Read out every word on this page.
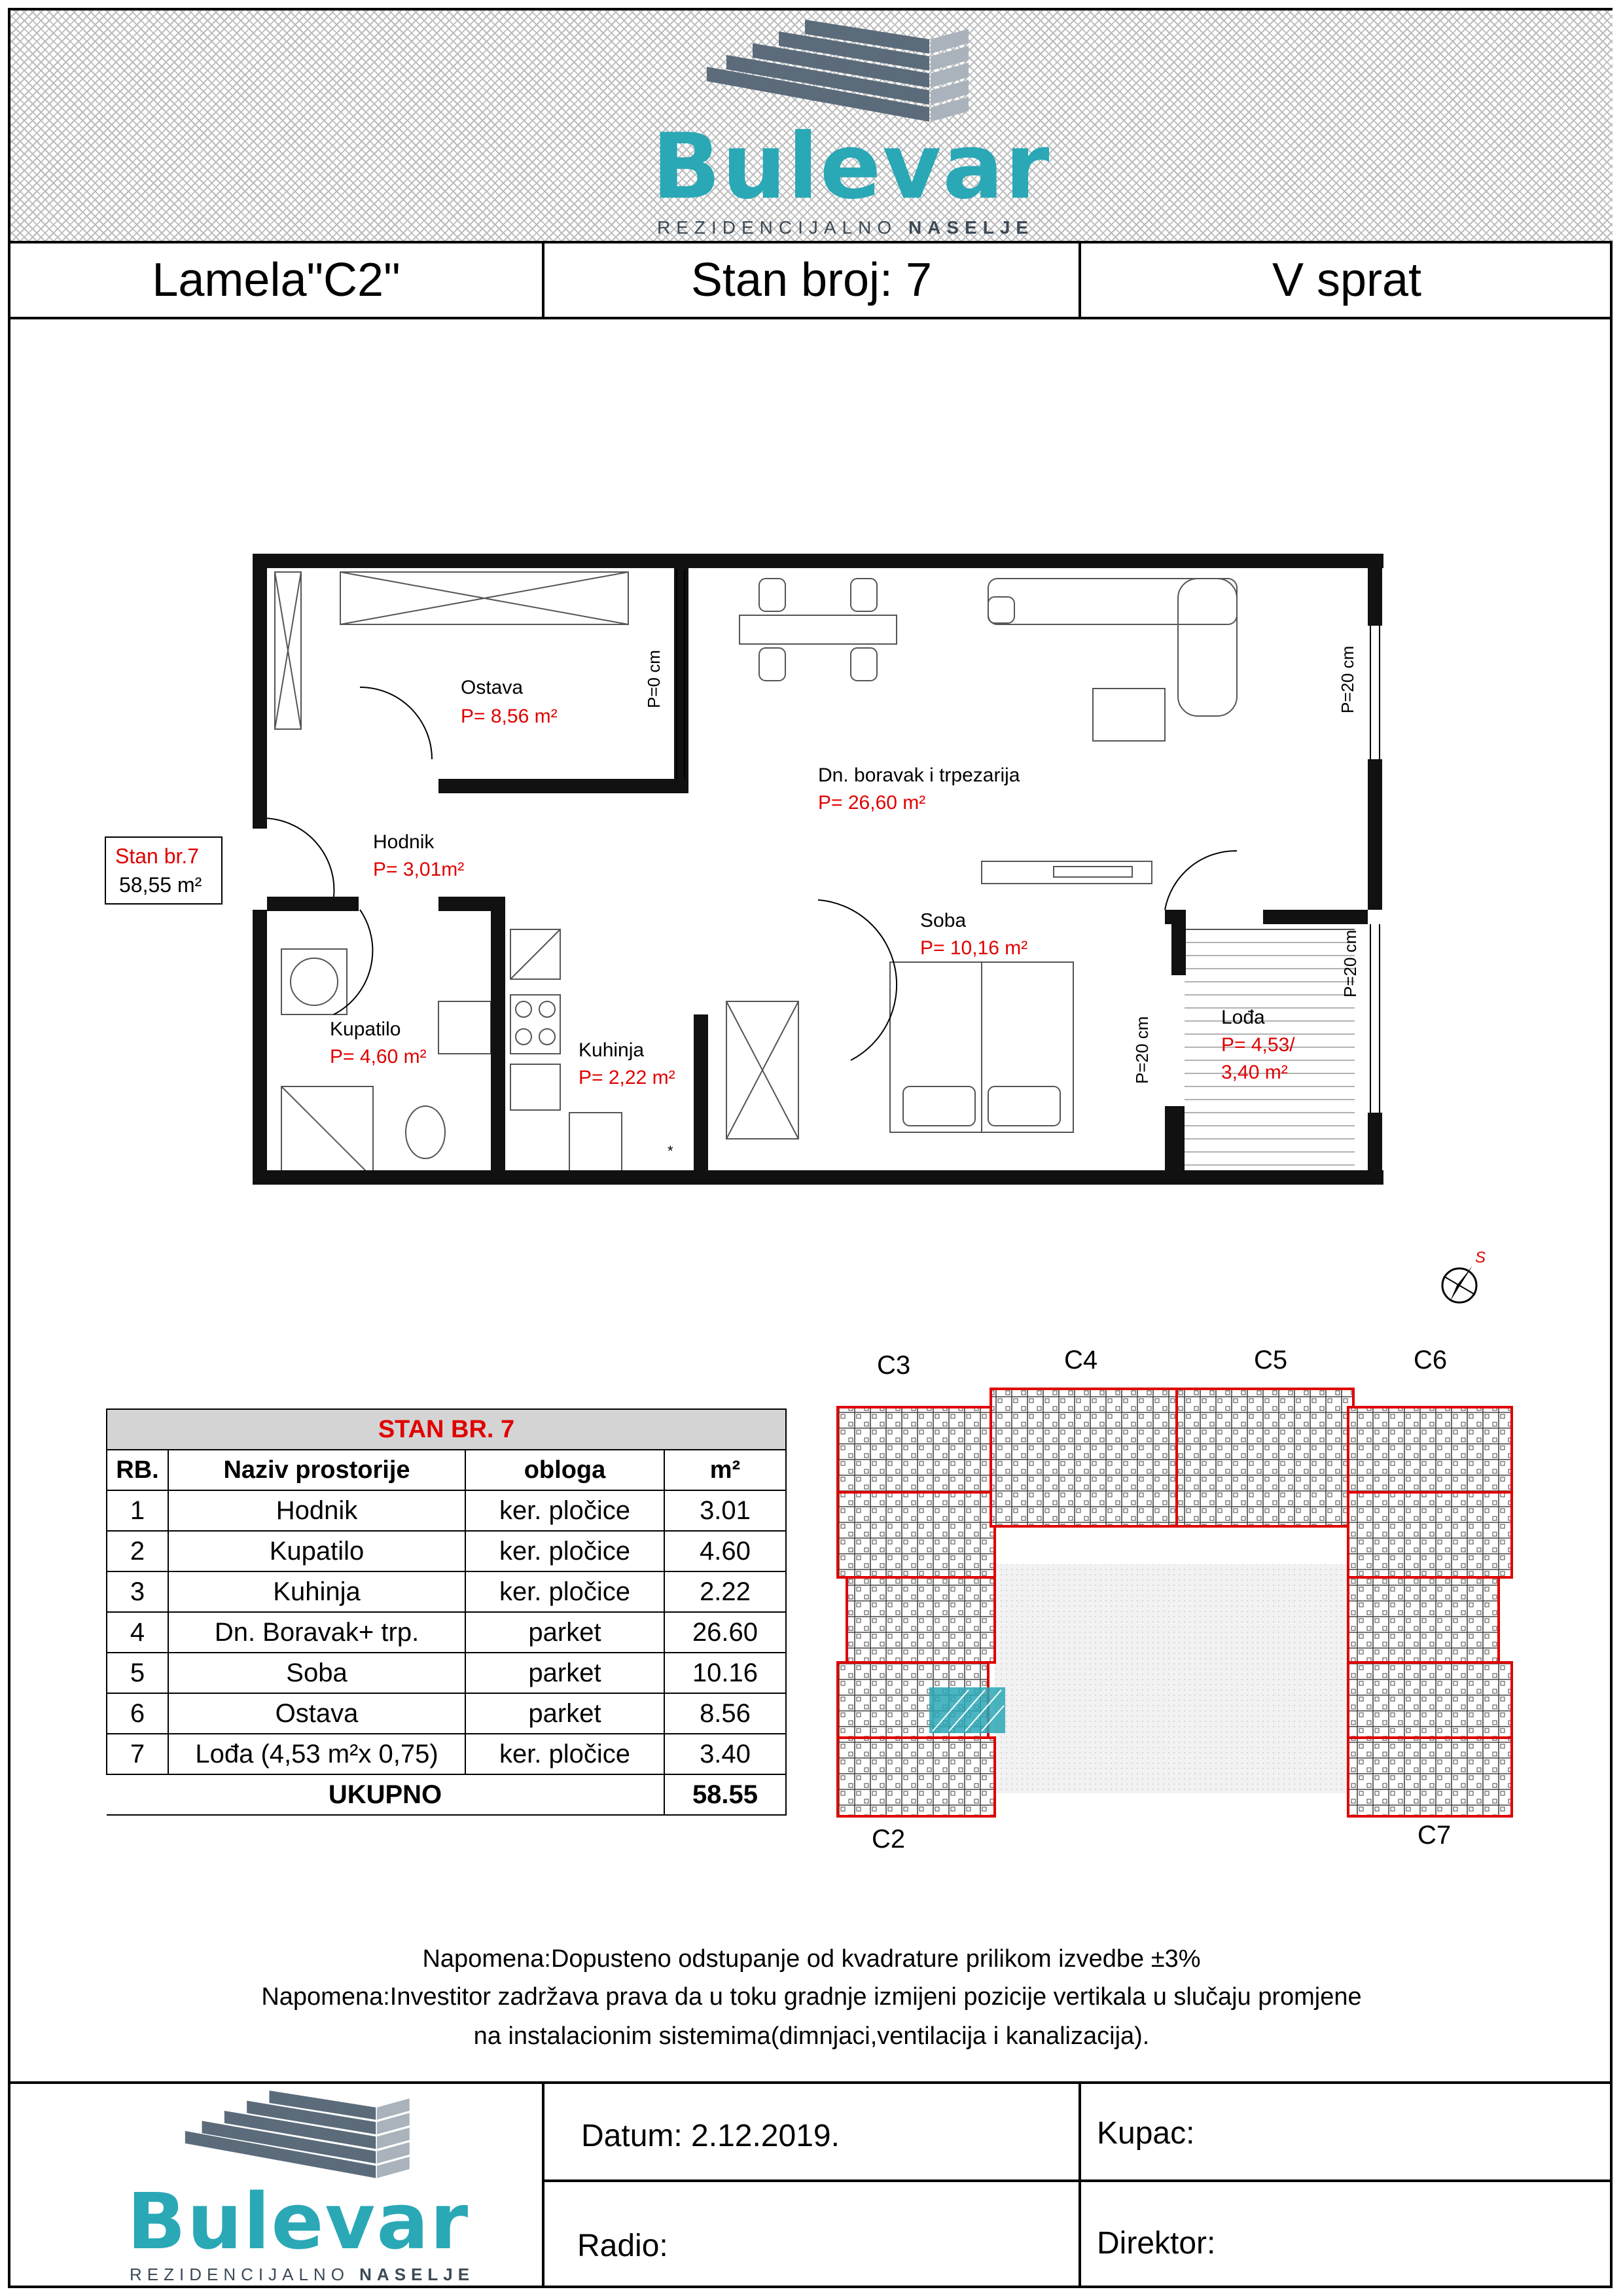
Bulevar
REZIDENCIJALNO NASELJE
Lamela"C2"	Stan broj: 7	V sprat
Ostava
P= 8,56 m²
Dn. boravak i trpezarija
P= 26,60 m²
Hodnik
P= 3,01m²
Soba
P= 10,16 m²
Kupatilo
P= 4,60 m²	Kuhinja
P= 2,22 m²
Lođa
P= 4,53/
3,40 m²
*
P=0 cm	P=20 cm
P=20 cm
P=20 cm
Stan br.7
58,55 m²
S
STAN BR. 7			
RB.	Naziv prostorije	obloga	m²
1	Hodnik	ker. pločice	3.01
2	Kupatilo	ker. pločice	4.60
3	Kuhinja	ker. pločice	2.22
4	Dn. Boravak+ trp.	parket	26.60
5	Soba	parket	10.16
6	Ostava	parket	8.56
7	Lođa (4,53 m²x 0,75)	ker. pločice	3.40
UKUPNO			58.55
C3	C4	C5	C6
C2	C7
Napomena:Dopusteno odstupanje od kvadrature prilikom izvedbe ±3%
Napomena:Investitor zadržava prava da u toku gradnje izmijeni pozicije vertikala u slučaju promjene
na instalacionim sistemima(dimnjaci,ventilacija i kanalizacija).
Bulevar
REZIDENCIJALNO NASELJE
Datum: 2.12.2019.	Kupac:
Radio:	Direktor:
